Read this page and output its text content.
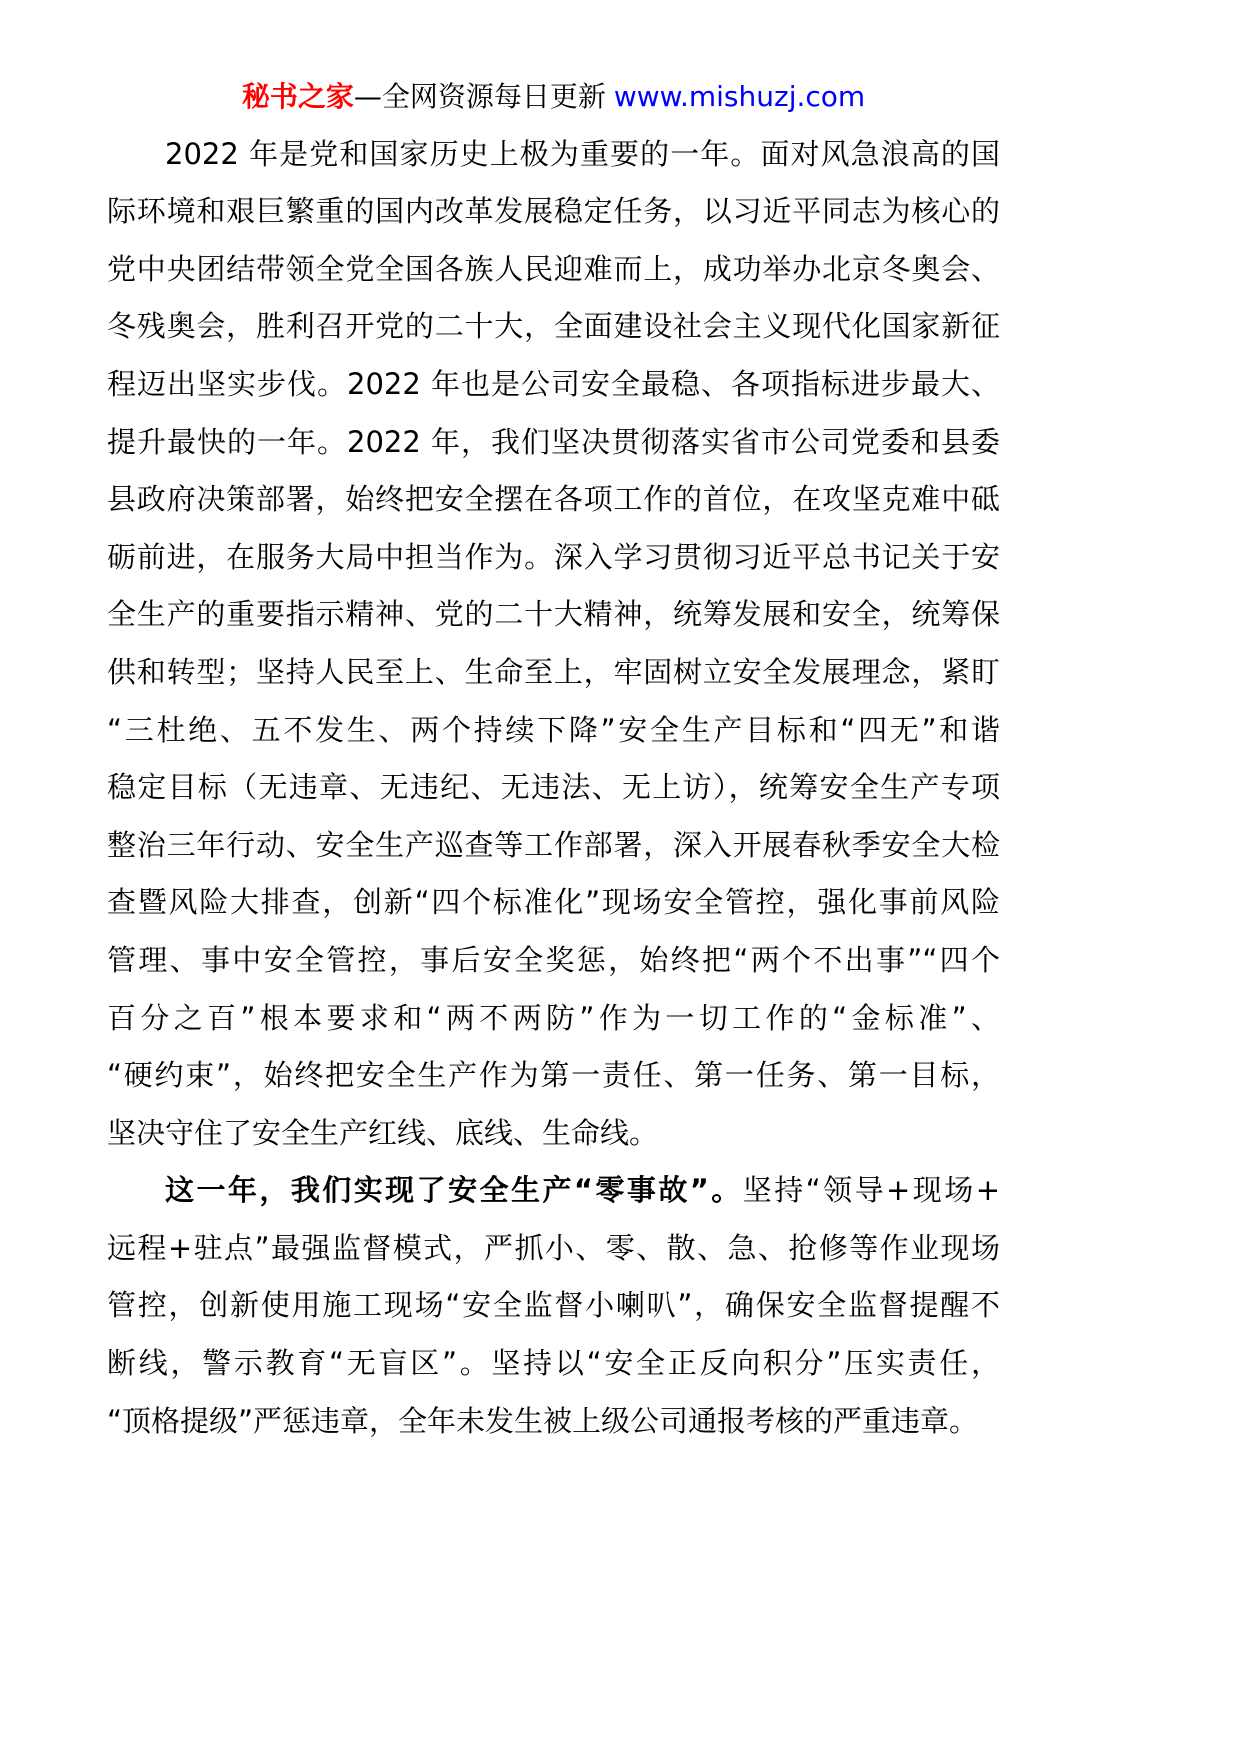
秘书之家—全网资源每日更新 www.mishuzj.com
2022 年是党和国家历史上极为重要的一年。面对风急浪高的国
际环境和艰巨繁重的国内改革发展稳定任务，以习近平同志为核心的
党中央团结带领全党全国各族人民迎难而上，成功举办北京冬奥会、
冬残奥会，胜利召开党的二十大，全面建设社会主义现代化国家新征
程迈出坚实步伐。2022 年也是公司安全最稳、各项指标进步最大、
提升最快的一年。2022 年，我们坚决贯彻落实省市公司党委和县委
县政府决策部署，始终把安全摆在各项工作的首位，在攻坚克难中砥
砺前进，在服务大局中担当作为。深入学习贯彻习近平总书记关于安
全生产的重要指示精神、党的二十大精神，统筹发展和安全，统筹保
供和转型；坚持人民至上、生命至上，牢固树立安全发展理念，紧盯
“三杜绝、五不发生、两个持续下降”安全生产目标和“四无”和谐
稳定目标（无违章、无违纪、无违法、无上访），统筹安全生产专项
整治三年行动、安全生产巡查等工作部署，深入开展春秋季安全大检
查暨风险大排查，创新“四个标准化”现场安全管控，强化事前风险
管理、事中安全管控，事后安全奖惩，始终把“两个不出事”“四个
百分之百”根本要求和“两不两防”作为一切工作的“金标准”、
“硬约束”，始终把安全生产作为第一责任、第一任务、第一目标，
坚决守住了安全生产红线、底线、生命线。
这一年，我们实现了安全生产“零事故”。坚持“领导+现场+
远程+驻点”最强监督模式，严抓小、零、散、急、抢修等作业现场
管控，创新使用施工现场“安全监督小喇叭”，确保安全监督提醒不
断线，警示教育“无盲区”。坚持以“安全正反向积分”压实责任，
“顶格提级”严惩违章，全年未发生被上级公司通报考核的严重违章。
